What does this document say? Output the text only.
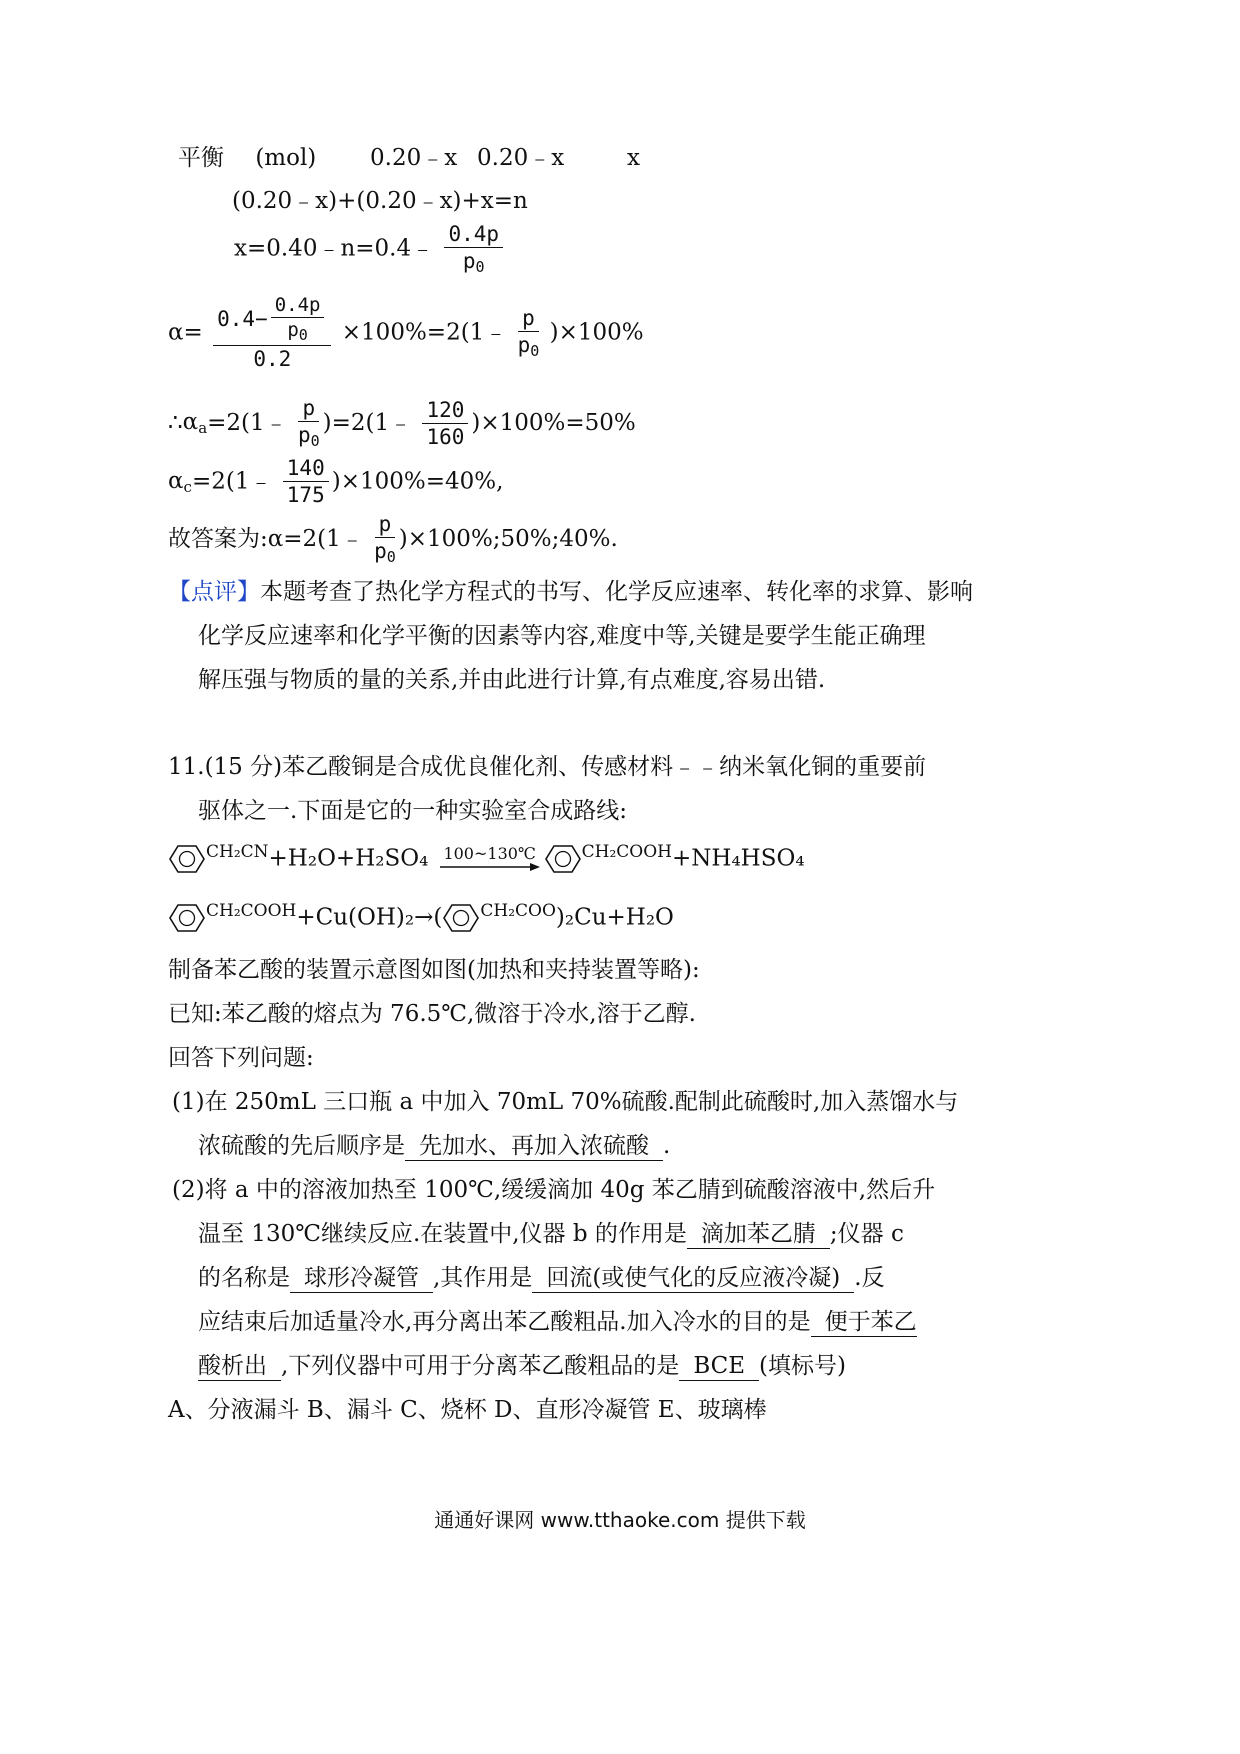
平衡 (mol) 0.20﹣x 0.20﹣x	x
(0.20﹣x)+(0.20﹣x)+x=n
x=0.40﹣n=0.4﹣ $\frac{0.4p}{p_0}$
$\alpha= \frac{0.4- \frac{0.4p}{p_0}}{0.2}$ ×100%=2(1﹣ $\frac{p}{p_0} )\times 100\%$
$\therefore\alpha_a=2(1﹣ \frac{p}{p_0}$ )=2(1﹣ $\frac{120}{160} )\times 100\%=50\%$
$\alpha_c=2(1﹣ \frac{140}{175} )\times 100\%=40\%$,
故答案为:α=2(1﹣ $\frac{p}{p_0}$ )×100%;50%;40%.
【点评】本题考查了热化学方程式的书写、化学反应速率、转化率的求算、影响
化学反应速率和化学平衡的因素等内容,难度中等,关键是要学生能正确理
解压强与物质的量的关系,并由此进行计算,有点难度,容易出错.
11.(15 分)苯乙酸铜是合成优良催化剂、传感材料﹣﹣纳米氧化铜的重要前
驱体之一.下面是它的一种实验室合成路线:
$^{CH_2CN}$+H₂O+H₂SO₄ 100~130℃	$^{CH_2COOH}$+NH₄HSO₄
$^{CH_2COOH}$+Cu(OH)₂→( $^{CH_2COO}$)₂Cu+H₂O
制备苯乙酸的装置示意图如图(加热和夹持装置等略):
已知:苯乙酸的熔点为 76.5℃,微溶于冷水,溶于乙醇.
回答下列问题:
(1)在 250mL 三口瓶 a 中加入 70mL 70%硫酸.配制此硫酸时,加入蒸馏水与
浓硫酸的先后顺序是 先加水、再加入浓硫酸 .
(2)将 a 中的溶液加热至 100℃,缓缓滴加 40g 苯乙腈到硫酸溶液中,然后升
温至 130℃继续反应.在装置中,仪器 b 的作用是 滴加苯乙腈 ;仪器 c
的名称是 球形冷凝管 ,其作用是 回流(或使气化的反应液冷凝) .反
应结束后加适量冷水,再分离出苯乙酸粗品.加入冷水的目的是 便于苯乙
酸析出 ,下列仪器中可用于分离苯乙酸粗品的是 BCE (填标号)
A、分液漏斗 B、漏斗 C、烧杯 D、直形冷凝管 E、玻璃棒
通通好课网 www.tthaoke.com 提供下载
